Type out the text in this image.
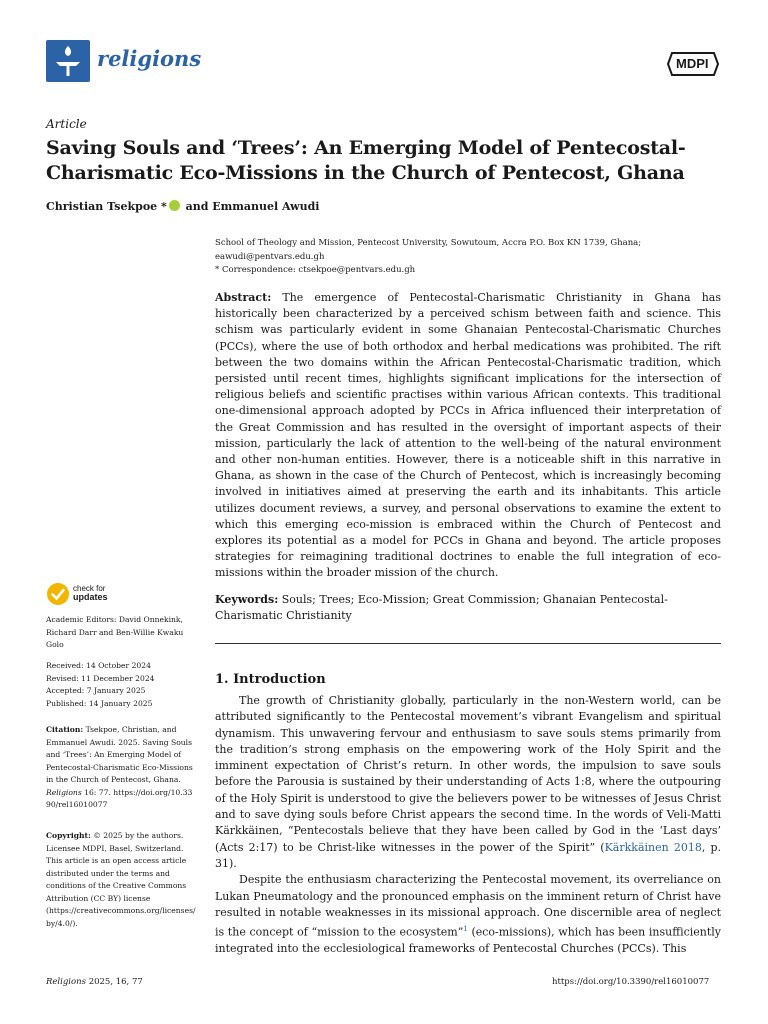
religions	MDPI
Article
Saving Souls and ‘Trees’: An Emerging Model of Pentecostal-
Charismatic Eco-Missions in the Church of Pentecost, Ghana
Christian Tsekpoe * and Emmanuel Awudi
School of Theology and Mission, Pentecost University, Sowutoum, Accra P.O. Box KN 1739, Ghana;
eawudi@pentvars.edu.gh
* Correspondence: ctsekpoe@pentvars.edu.gh
Abstract: The emergence of Pentecostal-Charismatic Christianity in Ghana has historically been characterized by a perceived schism between faith and science. This schism was particularly evident in some Ghanaian Pentecostal-Charismatic Churches (PCCs), where the use of both orthodox and herbal medications was prohibited. The rift between the two domains within the African Pentecostal-Charismatic tradition, which persisted until recent times, highlights significant implications for the intersection of religious beliefs and scientific practises within various African contexts. This traditional one-dimensional approach adopted by PCCs in Africa influenced their interpretation of the Great Commission and has resulted in the oversight of important aspects of their mission, particularly the lack of attention to the well-being of the natural environment and other non-human entities. However, there is a noticeable shift in this narrative in Ghana, as shown in the case of the Church of Pentecost, which is increasingly becoming involved in initiatives aimed at preserving the earth and its inhabitants. This article utilizes document reviews, a survey, and personal observations to examine the extent to which this emerging eco-mission is embraced within the Church of Pentecost and explores its potential as a model for PCCs in Ghana and beyond. The article proposes strategies for reimagining traditional doctrines to enable the full integration of eco-missions within the broader mission of the church.
Keywords: Souls; Trees; Eco-Mission; Great Commission; Ghanaian Pentecostal-Charismatic Christianity
1. Introduction

The growth of Christianity globally, particularly in the non-Western world, can be attributed significantly to the Pentecostal movement’s vibrant Evangelism and spiritual dynamism. This unwavering fervour and enthusiasm to save souls stems primarily from the tradition’s strong emphasis on the empowering work of the Holy Spirit and the imminent expectation of Christ’s return. In other words, the impulsion to save souls before the Parousia is sustained by their understanding of Acts 1:8, where the outpouring of the Holy Spirit is understood to give the believers power to be witnesses of Jesus Christ and to save dying souls before Christ appears the second time. In the words of Veli-Matti Kärkkäinen, “Pentecostals believe that they have been called by God in the ‘Last days’ (Acts 2:17) to be Christ-like witnesses in the power of the Spirit” (Kärkkäinen 2018, p. 31).

Despite the enthusiasm characterizing the Pentecostal movement, its overreliance on Lukan Pneumatology and the pronounced emphasis on the imminent return of Christ have resulted in notable weaknesses in its missional approach. One discernible area of neglect is the concept of “mission to the ecosystem”$^1$ (eco-missions), which has been insufficiently integrated into the ecclesiological frameworks of Pentecostal Churches (PCCs). This

check for
updates
Academic Editors: David Onnekink, Richard Darr and Ben-Willie Kwaku Golo
Received: 14 October 2024
Revised: 11 December 2024
Accepted: 7 January 2025
Published: 14 January 2025
Citation: Tsekpoe, Christian, and Emmanuel Awudi. 2025. Saving Souls and ‘Trees’: An Emerging Model of Pentecostal-Charismatic Eco-Missions in the Church of Pentecost, Ghana. Religions 16: 77. https://doi.org/10.3390/rel16010077
Copyright: © 2025 by the authors. Licensee MDPI, Basel, Switzerland. This article is an open access article distributed under the terms and conditions of the Creative Commons Attribution (CC BY) license (https://creativecommons.org/licenses/by/4.0/).
Religions 2025, 16, 77	https://doi.org/10.3390/rel16010077
